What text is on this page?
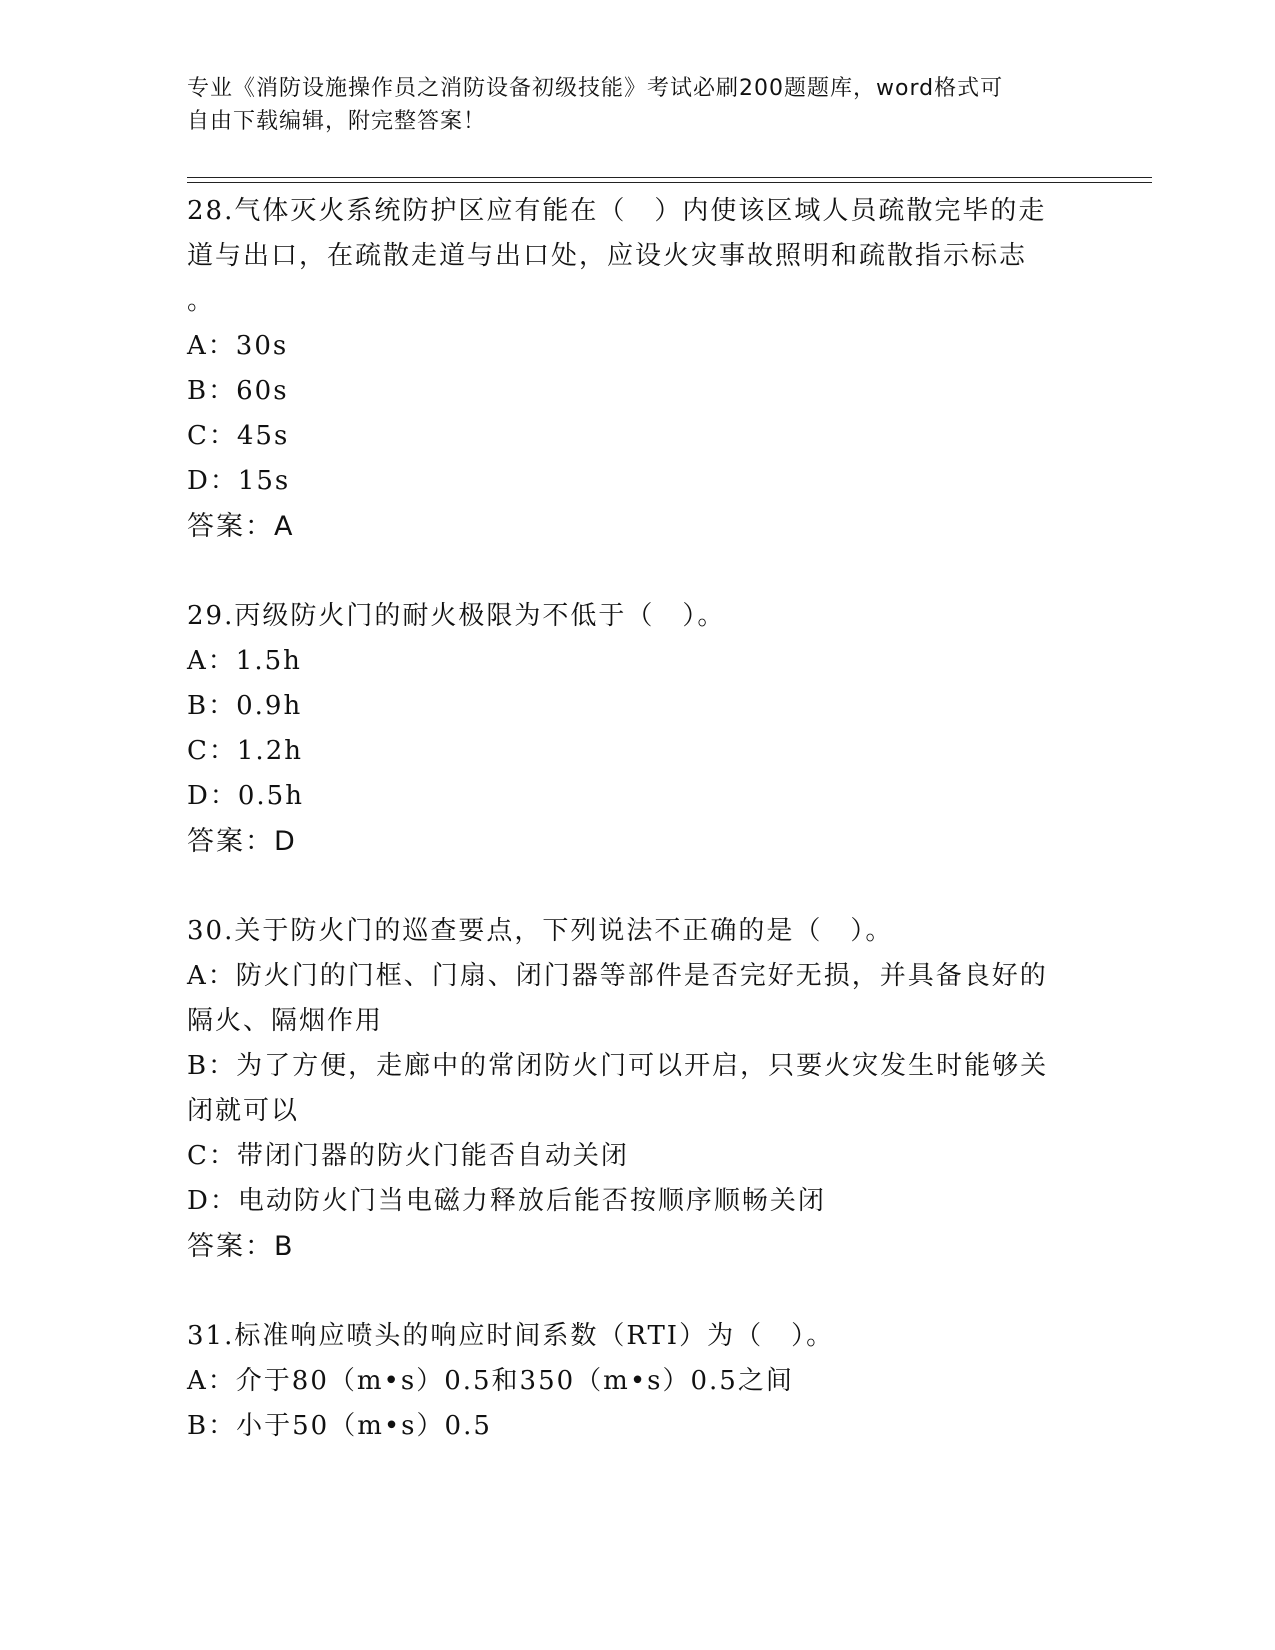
专业《消防设施操作员之消防设备初级技能》考试必刷200题题库，word格式可
自由下载编辑，附完整答案！
28.气体灭火系统防护区应有能在（　）内使该区域人员疏散完毕的走
道与出口，在疏散走道与出口处，应设火灾事故照明和疏散指示标志
。
A：30s
B：60s
C：45s
D：15s
答案：A
29.丙级防火门的耐火极限为不低于（　）。
A：1.5h
B：0.9h
C：1.2h
D：0.5h
答案：D
30.关于防火门的巡查要点，下列说法不正确的是（　）。
A：防火门的门框、门扇、闭门器等部件是否完好无损，并具备良好的
隔火、隔烟作用
B：为了方便，走廊中的常闭防火门可以开启，只要火灾发生时能够关
闭就可以
C：带闭门器的防火门能否自动关闭
D：电动防火门当电磁力释放后能否按顺序顺畅关闭
答案：B
31.标准响应喷头的响应时间系数（RTI）为（　）。
A：介于80（m•s）0.5和350（m•s）0.5之间
B：小于50（m•s）0.5
